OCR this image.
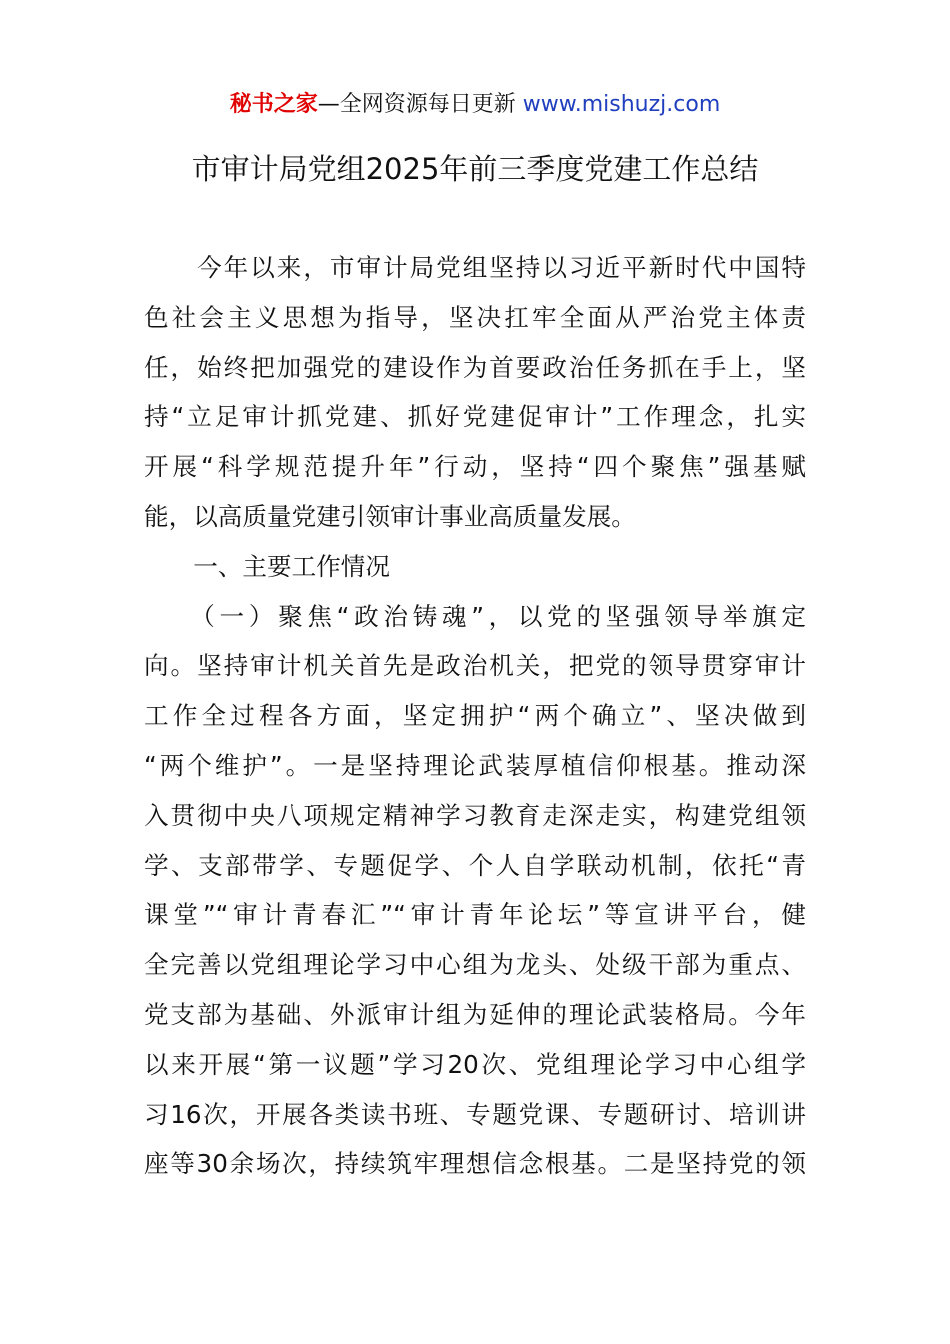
秘书之家—全网资源每日更新 www.mishuzj.com
市审计局党组2025年前三季度党建工作总结
　　今年以来，市审计局党组坚持以习近平新时代中国特
色社会主义思想为指导，坚决扛牢全面从严治党主体责
任，始终把加强党的建设作为首要政治任务抓在手上，坚
持“立足审计抓党建、抓好党建促审计”工作理念，扎实
开展“科学规范提升年”行动，坚持“四个聚焦”强基赋
能，以高质量党建引领审计事业高质量发展。
　　一、主要工作情况
　　（一）聚焦“政治铸魂”，以党的坚强领导举旗定
向。坚持审计机关首先是政治机关，把党的领导贯穿审计
工作全过程各方面，坚定拥护“两个确立”、坚决做到
“两个维护”。一是坚持理论武装厚植信仰根基。推动深
入贯彻中央八项规定精神学习教育走深走实，构建党组领
学、支部带学、专题促学、个人自学联动机制，依托“青
课堂”“审计青春汇”“审计青年论坛”等宣讲平台，健
全完善以党组理论学习中心组为龙头、处级干部为重点、
党支部为基础、外派审计组为延伸的理论武装格局。今年
以来开展“第一议题”学习20次、党组理论学习中心组学
习16次，开展各类读书班、专题党课、专题研讨、培训讲
座等30余场次，持续筑牢理想信念根基。二是坚持党的领
